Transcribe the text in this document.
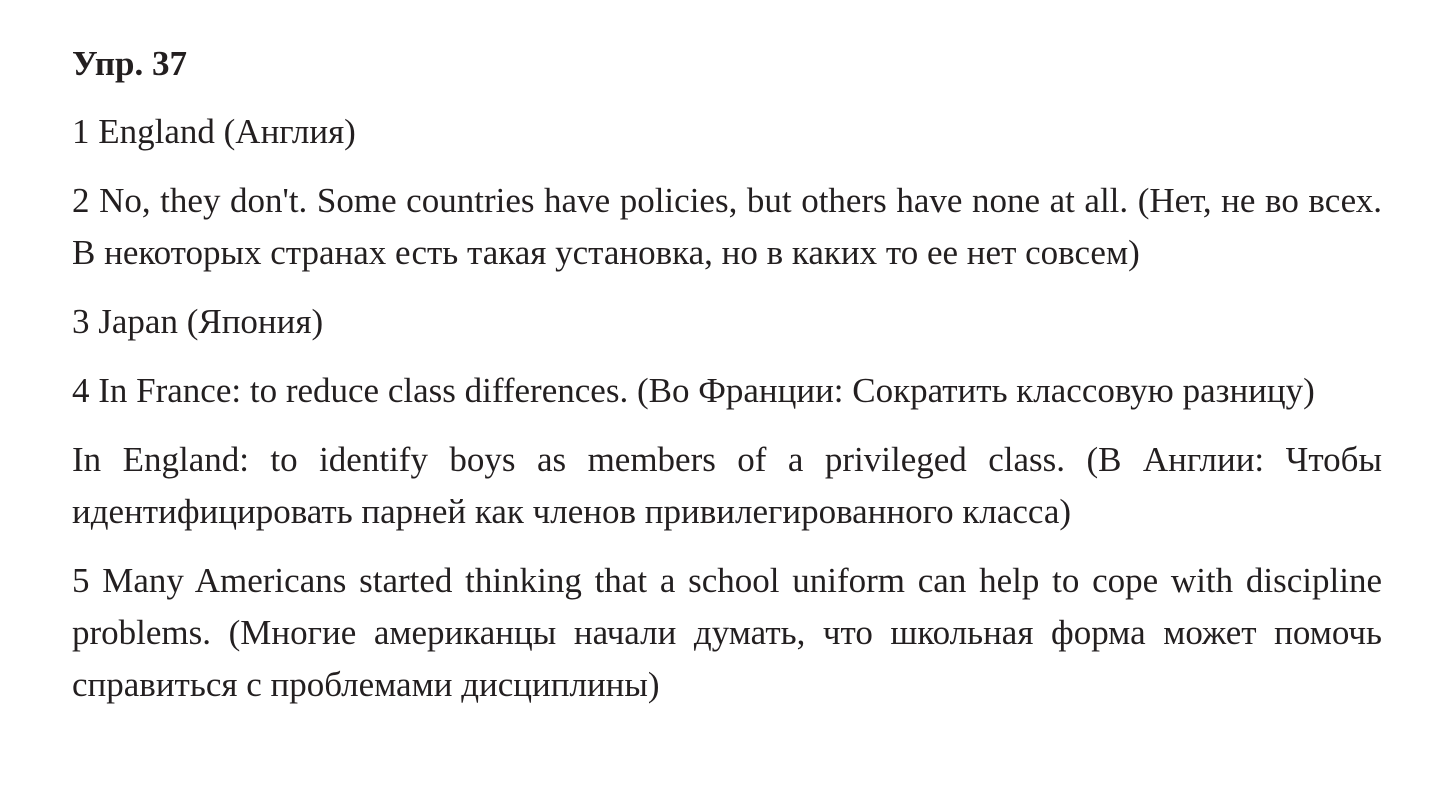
Упр. 37

1 England (Англия)

2 No, they don't. Some countries have policies, but others have none at all. (Нет, не во всех. В некоторых странах есть такая установка, но в каких то ее нет совсем)

3 Japan (Япония)

4 In France: to reduce class differences. (Во Франции: Сократить классовую разницу)

In England: to identify boys as members of a privileged class. (В Англии: Чтобы идентифицировать парней как членов привилегированного класса)

5 Many Americans started thinking that a school uniform can help to cope with discipline problems. (Многие американцы начали думать, что школьная форма может помочь справиться с проблемами дисциплины)
